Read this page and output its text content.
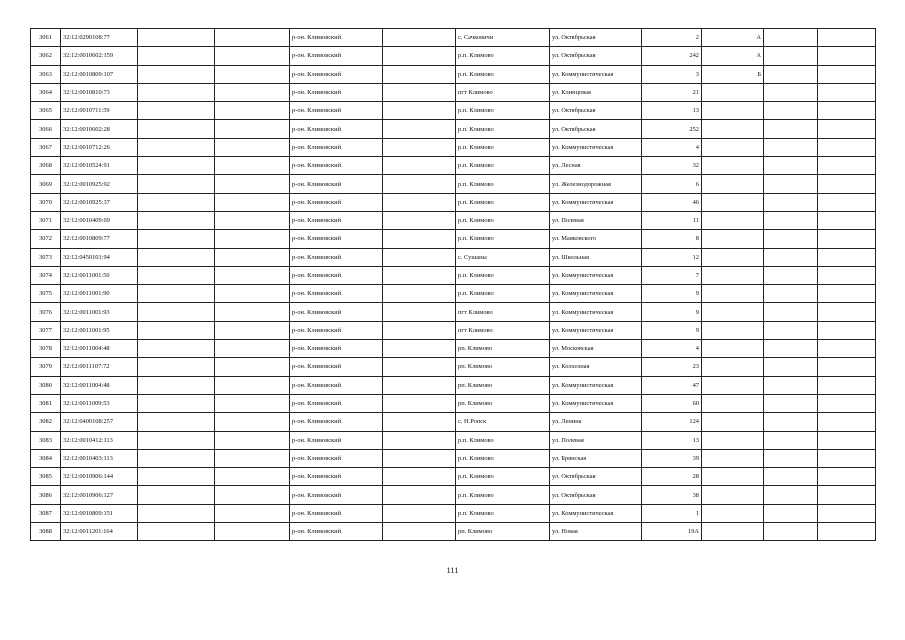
3061	32:12:0290108:77			р-он. Климовский		с. Сачковичи	ул. Октябрьская	2	А		
3062	32:12:0010602:159			р-он. Климовский		р.п. Климово	ул. Октябрьская	242	А		
3063	32:12:0010809:107			р-он. Климовский		р.п. Климово	ул. Коммунистическая	3	Б		
3064	32:12:0010810:73			р-он. Климовский		пгт Климово	ул. Клинцовая	21			
3065	32:12:0010711:59			р-он. Климовский		р.п. Климово	ул. Октябрьская	13			
3066	32:12:0010602:28			р-он. Климовский		р.п. Климово	ул. Октябрьская	252			
3067	32:12:0010712:26			р-он. Климовский		р.п. Климово	ул. Коммунистическая	4			
3068	32:12:0010524:91			р-он. Климовский		р.п. Климово	ул. Лесная	32			
3069	32:12:0010925:92			р-он. Климовский		р.п. Климово	ул. Железнодорожная	6			
3070	32:12:0010925:37			р-он. Климовский		р.п. Климово	ул. Коммунистическая	46			
3071	32:12:0010409:69			р-он. Климовский		р.п. Климово	ул. Полевая	11			
3072	32:12:0010809:77			р-он. Климовский		р.п. Климово	ул. Маяковского	8			
3073	32:12:0450101:94			р-он. Климовский		с. Сушаны	ул. Школьная	12			
3074	32:12:0011001:50			р-он. Климовский		р.п. Климово	ул. Коммунистическая	7			
3075	32:12:0011001:90			р-он. Климовский		р.п. Климово	ул. Коммунистическая	9			
3076	32:12:0011001:93			р-он. Климовский		пгт Климово	ул. Коммунистическая	9			
3077	32:12:0011001:95			р-он. Климовский		пгт Климово	ул. Коммунистическая	9			
3078	32:12:0011004:48			р-он. Климовский		рп. Климово	ул. Московская	4			
3079	32:12:0011107:72			р-он. Климовский		рп. Климово	ул. Колхозная	23			
3080	32:12:0011004:48			р-он. Климовский		рп. Климово	ул. Коммунистическая	47			
3081	32:12:0011009:53			р-он. Климовский		рп. Климово	ул. Коммунистическая	60			
3082	32:12:0400108:257			р-он. Климовский		с. Н.Ропск	ул. Ленина	124			
3083	32:12:0010412:113			р-он. Климовский		р.п. Климово	ул. Полевая	13			
3084	32:12:0010403:113			р-он. Климовский		р.п. Климово	ул. Брянская	39			
3085	32:12:0010906:144			р-он. Климовский		р.п. Климово	ул. Октябрьская	28			
3086	32:12:0010906:127			р-он. Климовский		р.п. Климово	ул. Октябрьская	38			
3087	32:12:0010809:151			р-он. Климовский		р.п. Климово	ул. Коммунистическая	1			
3088	32:12:0011201:164			р-он. Климовский		рп. Климово	ул. Новая	19А			
111
